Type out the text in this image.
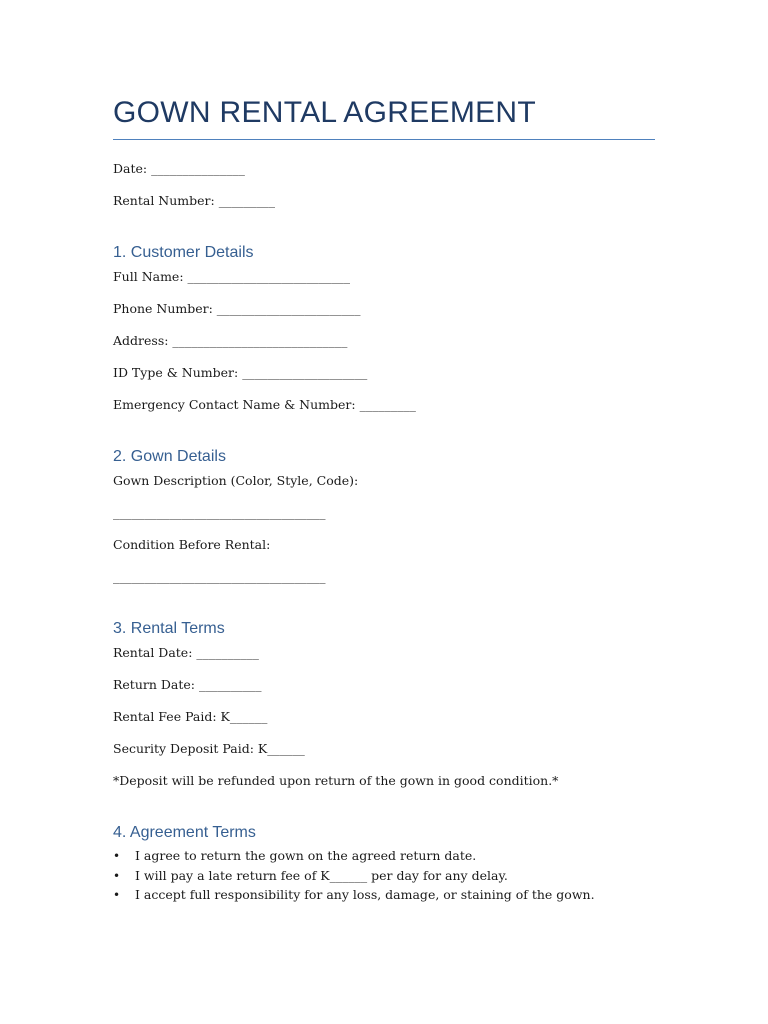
GOWN RENTAL AGREEMENT
Date: _______________
Rental Number: _________
1. Customer Details
Full Name: __________________________
Phone Number: _______________________
Address: ____________________________
ID Type & Number: ____________________
Emergency Contact Name & Number: _________
2. Gown Details
Gown Description (Color, Style, Code):
__________________________________
Condition Before Rental:
__________________________________
3. Rental Terms
Rental Date: __________
Return Date: __________
Rental Fee Paid: K______
Security Deposit Paid: K______
*Deposit will be refunded upon return of the gown in good condition.*
4. Agreement Terms
• I agree to return the gown on the agreed return date.
• I will pay a late return fee of K______ per day for any delay.
• I accept full responsibility for any loss, damage, or staining of the gown.
